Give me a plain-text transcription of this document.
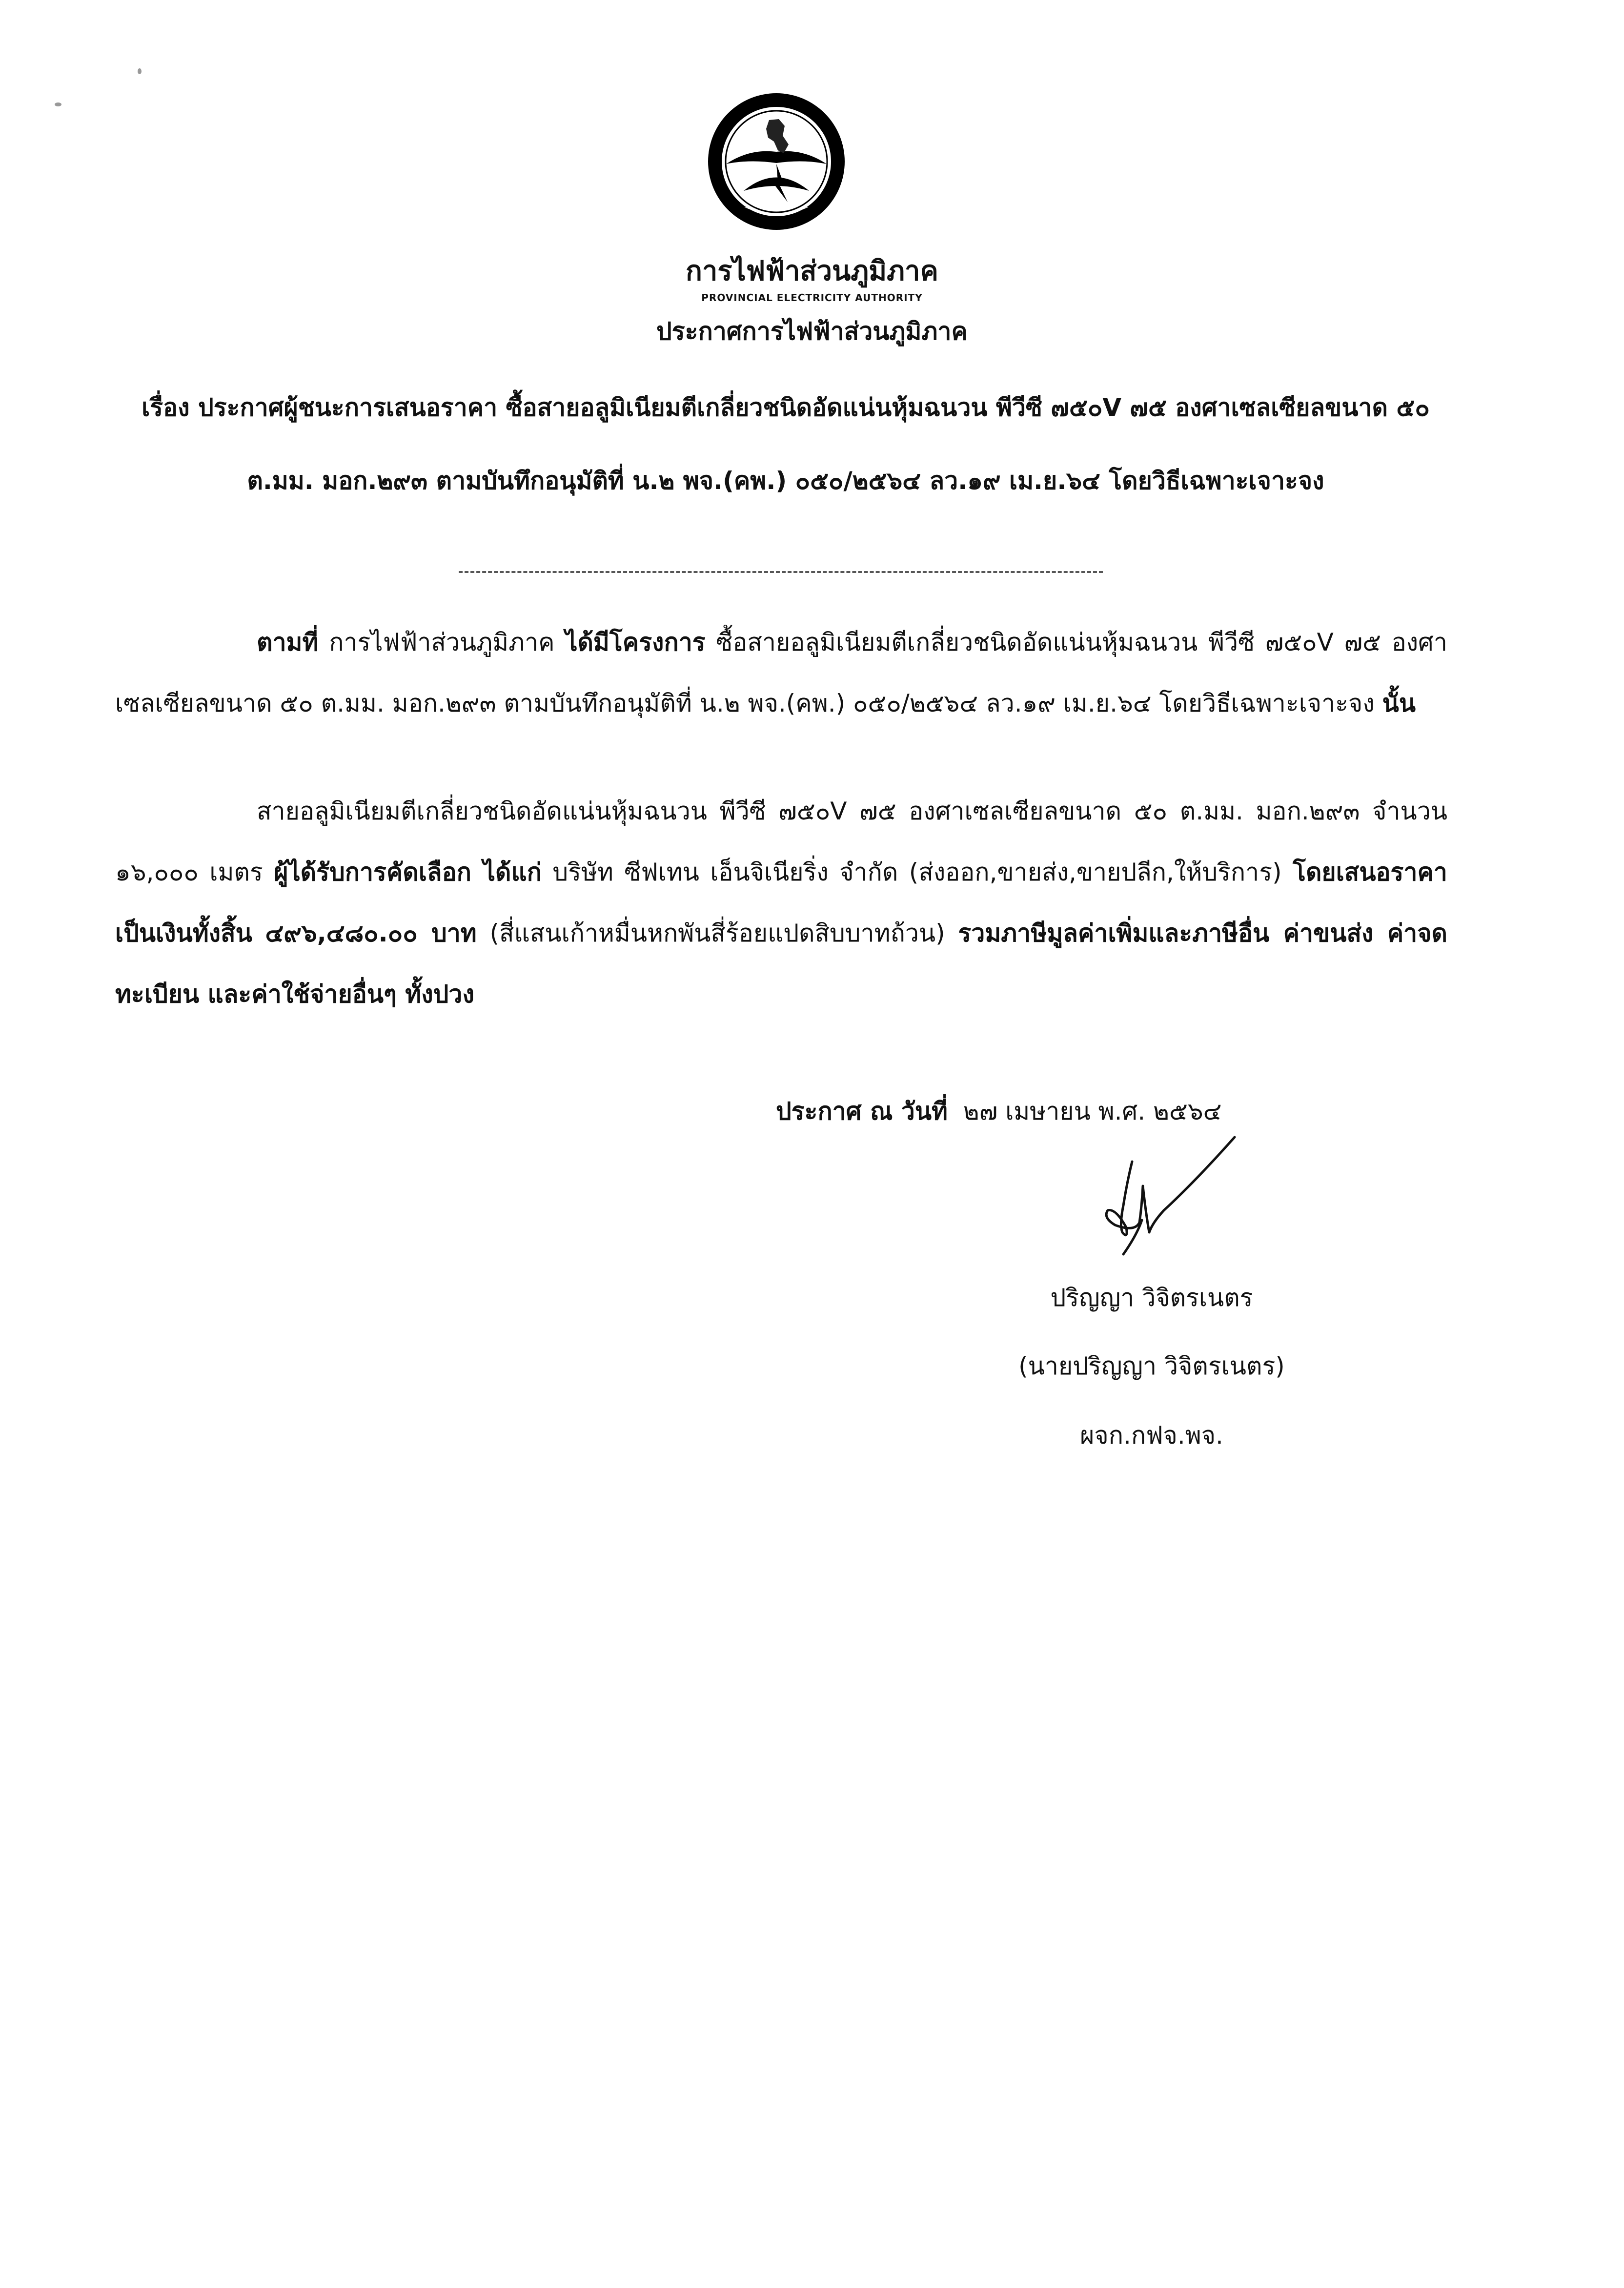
การไฟฟ้าส่วนภูมิภาค
PROVINCIAL ELECTRICITY AUTHORITY
ประกาศการไฟฟ้าส่วนภูมิภาค
เรื่อง ประกาศผู้ชนะการเสนอราคา ซื้อสายอลูมิเนียมตีเกลี่ยวชนิดอัดแน่นหุ้มฉนวน พีวีซี ๗๕๐V ๗๕ องศาเซลเซียลขนาด ๕๐ ต.มม. มอก.๒๙๓ ตามบันทึกอนุมัติที่ น.๒ พจ.(คพ.) ๐๕๐/๒๕๖๔ ลว.๑๙ เม.ย.๖๔ โดยวิธีเฉพาะเจาะจง
ตามที่ การไฟฟ้าส่วนภูมิภาค ได้มีโครงการ ซื้อสายอลูมิเนียมตีเกลี่ยวชนิดอัดแน่นหุ้มฉนวน พีวีซี ๗๕๐V ๗๕ องศาเซลเซียลขนาด ๕๐ ต.มม. มอก.๒๙๓ ตามบันทึกอนุมัติที่ น.๒ พจ.(คพ.) ๐๕๐/๒๕๖๔ ลว.๑๙ เม.ย.๖๔ โดยวิธีเฉพาะเจาะจง นั้น
สายอลูมิเนียมตีเกลี่ยวชนิดอัดแน่นหุ้มฉนวน พีวีซี ๗๕๐V ๗๕ องศาเซลเซียลขนาด ๕๐ ต.มม. มอก.๒๙๓ จำนวน ๑๖,๐๐๐ เมตร ผู้ได้รับการคัดเลือก ได้แก่ บริษัท ซีฟเทน เอ็นจิเนียริ่ง จำกัด (ส่งออก,ขายส่ง,ขายปลีก,ให้บริการ) โดยเสนอราคา เป็นเงินทั้งสิ้น ๔๙๖,๔๘๐.๐๐ บาท (สี่แสนเก้าหมื่นหกพันสี่ร้อยแปดสิบบาทถ้วน) รวมภาษีมูลค่าเพิ่มและภาษีอื่น ค่าขนส่ง ค่าจดทะเบียน และค่าใช้จ่ายอื่นๆ ทั้งปวง
ประกาศ ณ วันที่ ๒๗ เมษายน พ.ศ. ๒๕๖๔
ปริญญา วิจิตรเนตร
(นายปริญญา วิจิตรเนตร)
ผจก.กฟจ.พจ.
